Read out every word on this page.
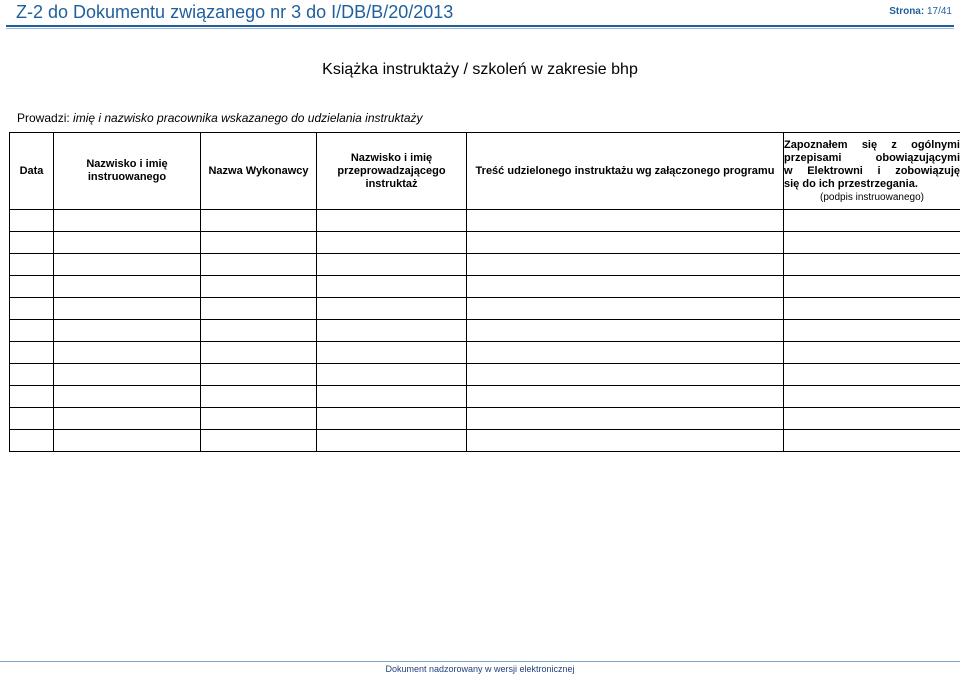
Z-2 do Dokumentu związanego nr 3 do I/DB/B/20/2013	Strona: 17/41
Książka instruktaży / szkoleń w zakresie bhp
Prowadzi: imię i nazwisko pracownika wskazanego do udzielania instruktaży
Data	Nazwisko i imię instruowanego	Nazwa Wykonawcy	Nazwisko i imię przeprowadzającego instruktaż	Treść udzielonego instruktażu wg załączonego programu	Zapoznałem się z ogólnymi
przepisami obowiązującymi
w Elektrowni i zobowiązuję
się do ich przestrzegania.
(podpis instruowanego)

Dokument nadzorowany w wersji elektronicznej
